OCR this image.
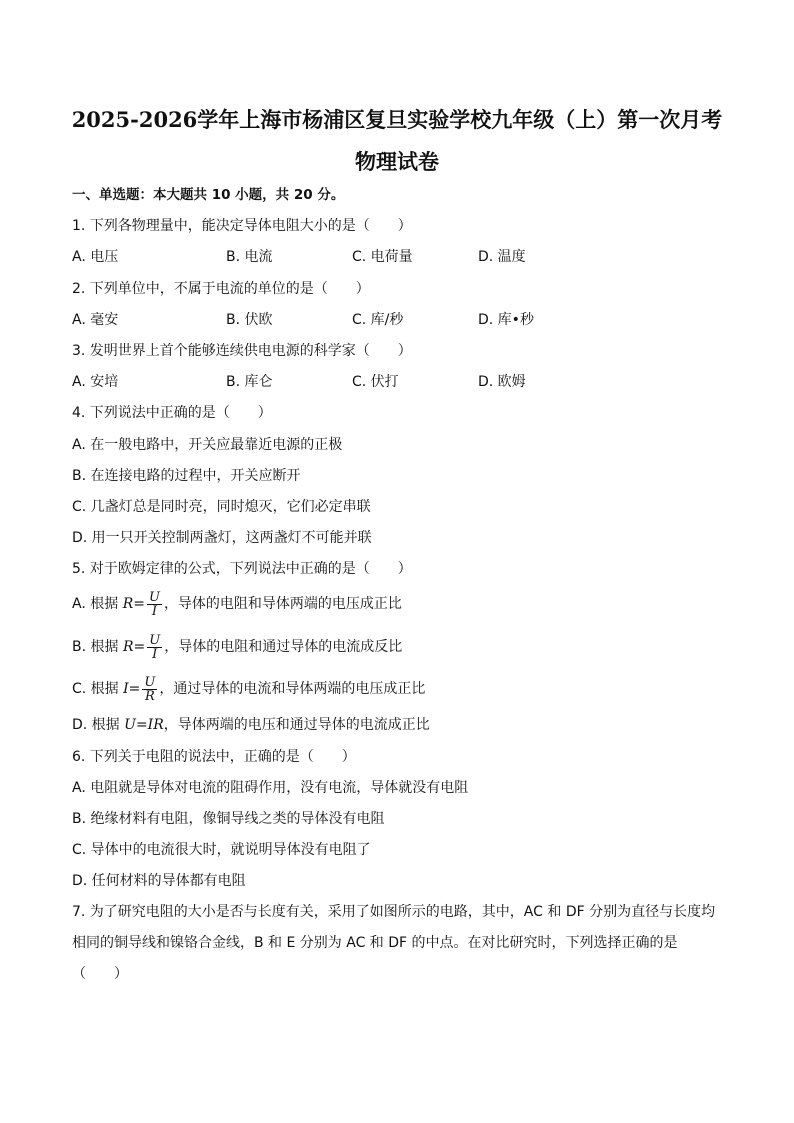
2025-2026学年上海市杨浦区复旦实验学校九年级（上）第一次月考
物理试卷
一、单选题：本大题共 10 小题，共 20 分。
1. 下列各物理量中，能决定导体电阻大小的是（　　）
A. 电压	B. 电流	C. 电荷量	D. 温度
2. 下列单位中，不属于电流的单位的是（　　）
A. 毫安	B. 伏欧	C. 库/秒	D. 库•秒
3. 发明世界上首个能够连续供电电源的科学家（　　）
A. 安培	B. 库仑	C. 伏打	D. 欧姆
4. 下列说法中正确的是（　　）
A. 在一般电路中，开关应最靠近电源的正极
B. 在连接电路的过程中，开关应断开
C. 几盏灯总是同时亮，同时熄灭，它们必定串联
D. 用一只开关控制两盏灯，这两盏灯不可能并联
5. 对于欧姆定律的公式，下列说法中正确的是（　　）
A. 根据 $R= \frac{U}{I}$ ，导体的电阻和导体两端的电压成正比
B. 根据 $R= \frac{U}{I}$ ，导体的电阻和通过导体的电流成反比
C. 根据 $I= \frac{U}{R}$ ，通过导体的电流和导体两端的电压成正比
D. 根据 U=IR，导体两端的电压和通过导体的电流成正比
6. 下列关于电阻的说法中，正确的是（　　）
A. 电阻就是导体对电流的阻碍作用，没有电流，导体就没有电阻
B. 绝缘材料有电阻，像铜导线之类的导体没有电阻
C. 导体中的电流很大时，就说明导体没有电阻了
D. 任何材料的导体都有电阻
7. 为了研究电阻的大小是否与长度有关，采用了如图所示的电路，其中，AC 和 DF 分别为直径与长度均相同的铜导线和镍铬合金线，B 和 E 分别为 AC 和 DF 的中点。在对比研究时，下列选择正确的是（　　）
